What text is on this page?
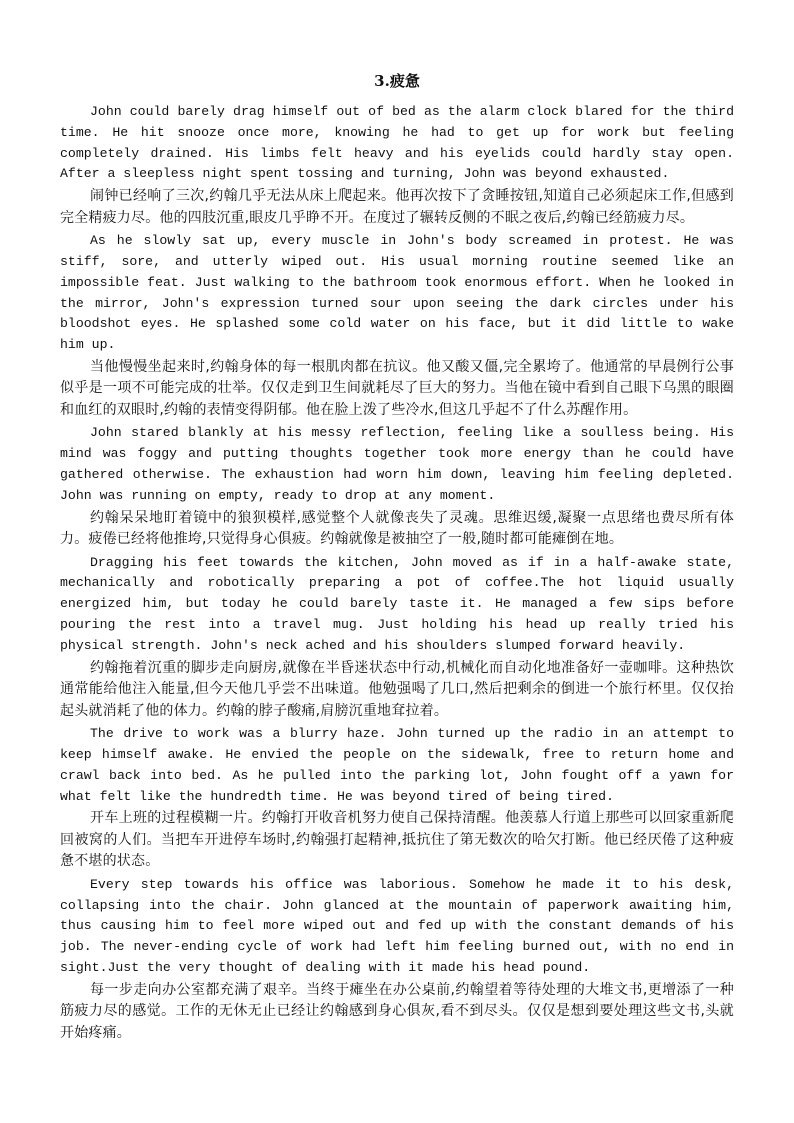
3.疲惫

John could barely drag himself out of bed as the alarm clock blared for the third time. He hit snooze once more, knowing he had to get up for work but feeling completely drained. His limbs felt heavy and his eyelids could hardly stay open. After a sleepless night spent tossing and turning, John was beyond exhausted.

闹钟已经响了三次,约翰几乎无法从床上爬起来。他再次按下了贪睡按钮,知道自己必须起床工作,但感到完全精疲力尽。他的四肢沉重,眼皮几乎睁不开。在度过了辗转反侧的不眠之夜后,约翰已经筋疲力尽。

As he slowly sat up, every muscle in John's body screamed in protest. He was stiff, sore, and utterly wiped out. His usual morning routine seemed like an impossible feat. Just walking to the bathroom took enormous effort. When he looked in the mirror, John's expression turned sour upon seeing the dark circles under his bloodshot eyes. He splashed some cold water on his face, but it did little to wake him up.

当他慢慢坐起来时,约翰身体的每一根肌肉都在抗议。他又酸又僵,完全累垮了。他通常的早晨例行公事似乎是一项不可能完成的壮举。仅仅走到卫生间就耗尽了巨大的努力。当他在镜中看到自己眼下乌黑的眼圈和血红的双眼时,约翰的表情变得阴郁。他在脸上泼了些冷水,但这几乎起不了什么苏醒作用。

John stared blankly at his messy reflection, feeling like a soulless being. His mind was foggy and putting thoughts together took more energy than he could have gathered otherwise. The exhaustion had worn him down, leaving him feeling depleted. John was running on empty, ready to drop at any moment.

约翰呆呆地盯着镜中的狼狈模样,感觉整个人就像丧失了灵魂。思维迟缓,凝聚一点思绪也费尽所有体力。疲倦已经将他推垮,只觉得身心俱疲。约翰就像是被抽空了一般,随时都可能瘫倒在地。

Dragging his feet towards the kitchen, John moved as if in a half-awake state, mechanically and robotically preparing a pot of coffee.The hot liquid usually energized him, but today he could barely taste it. He managed a few sips before pouring the rest into a travel mug. Just holding his head up really tried his physical strength. John's neck ached and his shoulders slumped forward heavily.

约翰拖着沉重的脚步走向厨房,就像在半昏迷状态中行动,机械化而自动化地准备好一壶咖啡。这种热饮通常能给他注入能量,但今天他几乎尝不出味道。他勉强喝了几口,然后把剩余的倒进一个旅行杯里。仅仅抬起头就消耗了他的体力。约翰的脖子酸痛,肩膀沉重地耷拉着。

The drive to work was a blurry haze. John turned up the radio in an attempt to keep himself awake. He envied the people on the sidewalk, free to return home and crawl back into bed. As he pulled into the parking lot, John fought off a yawn for what felt like the hundredth time. He was beyond tired of being tired.

开车上班的过程模糊一片。约翰打开收音机努力使自己保持清醒。他羡慕人行道上那些可以回家重新爬回被窝的人们。当把车开进停车场时,约翰强打起精神,抵抗住了第无数次的哈欠打断。他已经厌倦了这种疲惫不堪的状态。

Every step towards his office was laborious. Somehow he made it to his desk, collapsing into the chair. John glanced at the mountain of paperwork awaiting him, thus causing him to feel more wiped out and fed up with the constant demands of his job. The never-ending cycle of work had left him feeling burned out, with no end in sight.Just the very thought of dealing with it made his head pound.

每一步走向办公室都充满了艰辛。当终于瘫坐在办公桌前,约翰望着等待处理的大堆文书,更增添了一种筋疲力尽的感觉。工作的无休无止已经让约翰感到身心俱灰,看不到尽头。仅仅是想到要处理这些文书,头就开始疼痛。
